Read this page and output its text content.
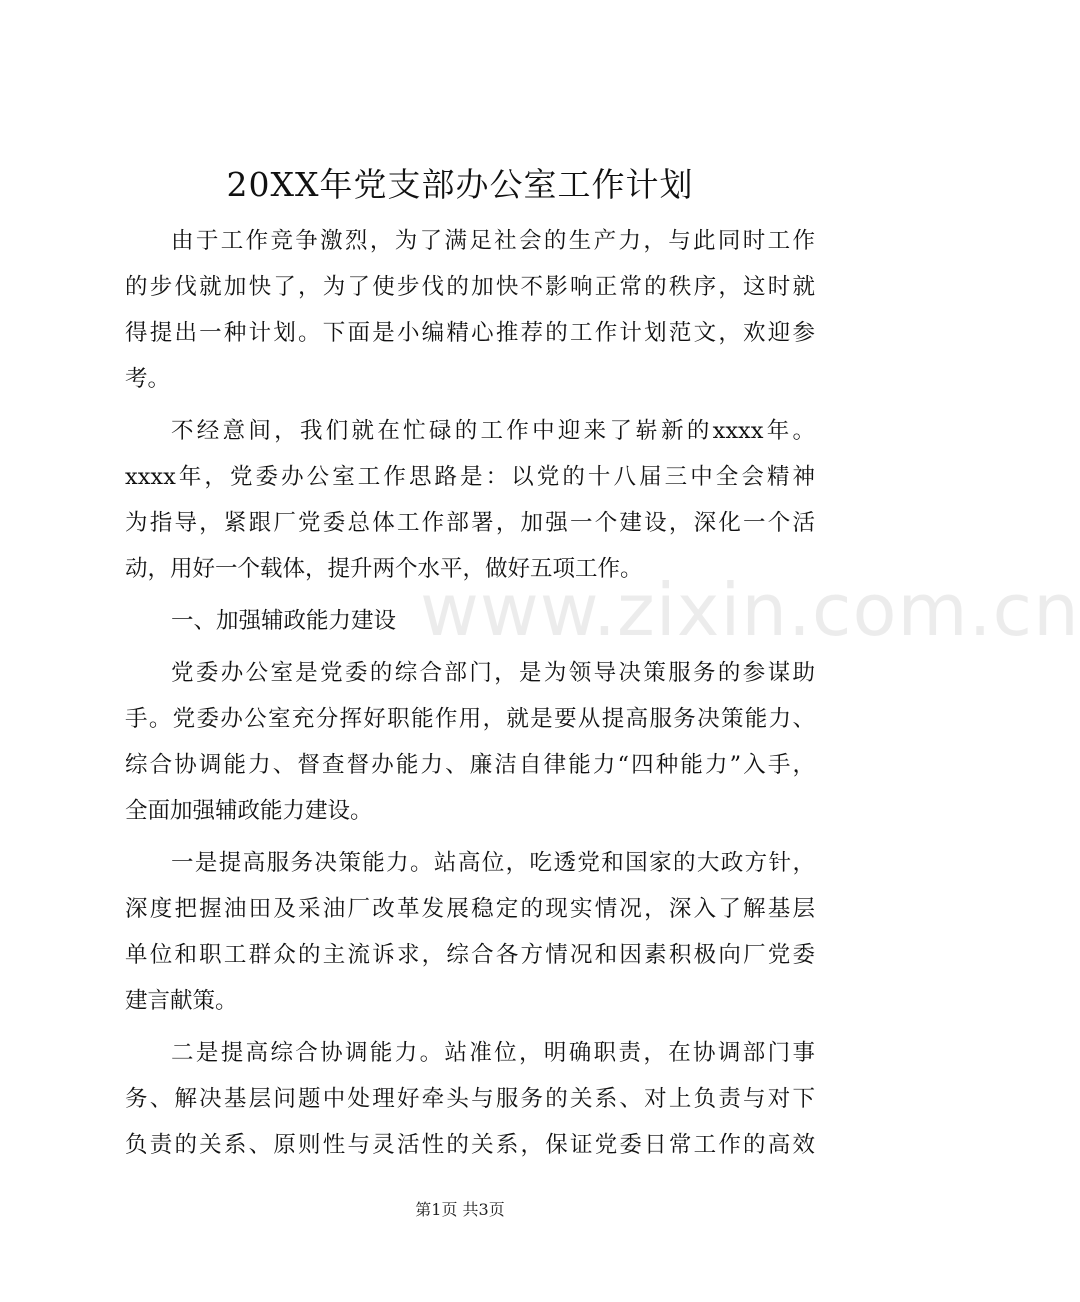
www.zixin.com.cn
20XX年党支部办公室工作计划
由于工作竞争激烈，为了满足社会的生产力，与此同时工作
的步伐就加快了，为了使步伐的加快不影响正常的秩序，这时就
得提出一种计划。下面是小编精心推荐的工作计划范文，欢迎参
考。
不经意间，我们就在忙碌的工作中迎来了崭新的xxxx年。
xxxx年，党委办公室工作思路是：以党的十八届三中全会精神
为指导，紧跟厂党委总体工作部署，加强一个建设，深化一个活
动，用好一个载体，提升两个水平，做好五项工作。
一、加强辅政能力建设
党委办公室是党委的综合部门，是为领导决策服务的参谋助
手。党委办公室充分挥好职能作用，就是要从提高服务决策能力、
综合协调能力、督查督办能力、廉洁自律能力“四种能力”入手，
全面加强辅政能力建设。
一是提高服务决策能力。站高位，吃透党和国家的大政方针，
深度把握油田及采油厂改革发展稳定的现实情况，深入了解基层
单位和职工群众的主流诉求，综合各方情况和因素积极向厂党委
建言献策。
二是提高综合协调能力。站准位，明确职责，在协调部门事
务、解决基层问题中处理好牵头与服务的关系、对上负责与对下
负责的关系、原则性与灵活性的关系，保证党委日常工作的高效
第1页 共3页
